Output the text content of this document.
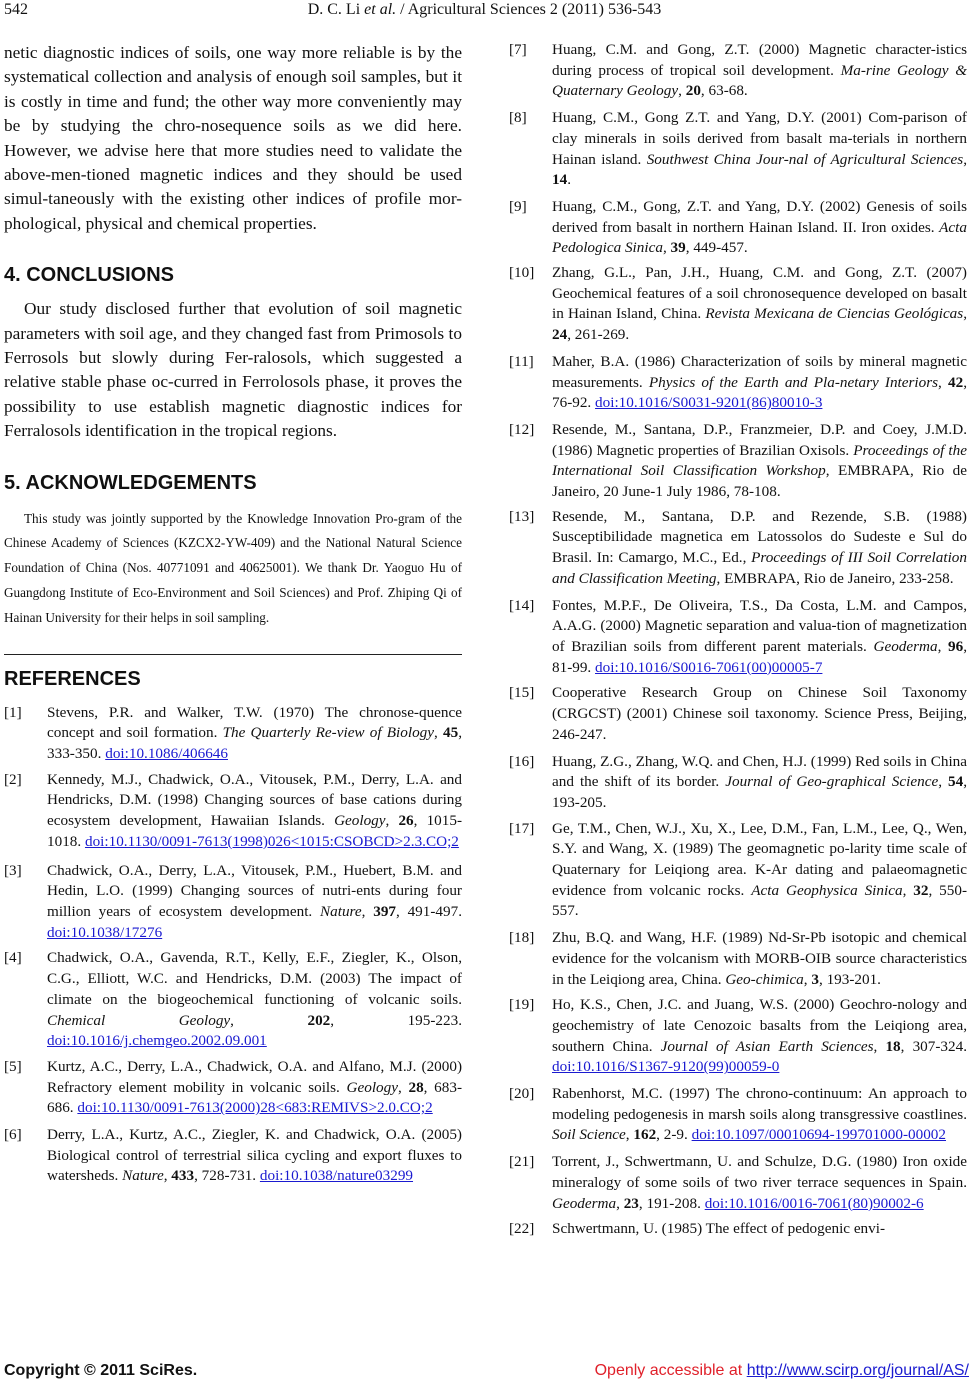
542	D. C. Li et al. / Agricultural Sciences 2 (2011) 536-543

netic diagnostic indices of soils, one way more reliable is by the systematical collection and analysis of enough soil samples, but it is costly in time and fund; the other way more conveniently may be by studying the chro-nosequence soils as we did here. However, we advise here that more studies need to validate the above-men-tioned magnetic indices and they should be used simul-taneously with the existing other indices of profile mor-phological, physical and chemical properties.

4. CONCLUSIONS

Our study disclosed further that evolution of soil magnetic parameters with soil age, and they changed fast from Primosols to Ferrosols but slowly during Fer-ralosols, which suggested a relative stable phase oc-curred in Ferrolosols phase, it proves the possibility to use establish magnetic diagnostic indices for Ferralosols identification in the tropical regions.

5. ACKNOWLEDGEMENTS

This study was jointly supported by the Knowledge Innovation Pro-gram of the Chinese Academy of Sciences (KZCX2-YW-409) and the National Natural Science Foundation of China (Nos. 40771091 and 40625001). We thank Dr. Yaoguo Hu of Guangdong Institute of Eco-Environment and Soil Sciences) and Prof. Zhiping Qi of Hainan University for their helps in soil sampling.

REFERENCES

[1] Stevens, P.R. and Walker, T.W. (1970) The chronose-quence concept and soil formation. The Quarterly Re-view of Biology, 45, 333-350. doi:10.1086/406646

[2] Kennedy, M.J., Chadwick, O.A., Vitousek, P.M., Derry, L.A. and Hendricks, D.M. (1998) Changing sources of base cations during ecosystem development, Hawaiian Islands. Geology, 26, 1015-1018. doi:10.1130/0091-7613(1998)026<1015:CSOBCD>2.3.CO;2

[3] Chadwick, O.A., Derry, L.A., Vitousek, P.M., Huebert, B.M. and Hedin, L.O. (1999) Changing sources of nutri-ents during four million years of ecosystem development. Nature, 397, 491-497. doi:10.1038/17276

[4] Chadwick, O.A., Gavenda, R.T., Kelly, E.F., Ziegler, K., Olson, C.G., Elliott, W.C. and Hendricks, D.M. (2003) The impact of climate on the biogeochemical functioning of volcanic soils. Chemical Geology, 202, 195-223. doi:10.1016/j.chemgeo.2002.09.001

[5] Kurtz, A.C., Derry, L.A., Chadwick, O.A. and Alfano, M.J. (2000) Refractory element mobility in volcanic soils. Geology, 28, 683-686. doi:10.1130/0091-7613(2000)28<683:REMIVS>2.0.CO;2

[6] Derry, L.A., Kurtz, A.C., Ziegler, K. and Chadwick, O.A. (2005) Biological control of terrestrial silica cycling and export fluxes to watersheds. Nature, 433, 728-731. doi:10.1038/nature03299

[7] Huang, C.M. and Gong, Z.T. (2000) Magnetic character-istics during process of tropical soil development. Ma-rine Geology & Quaternary Geology, 20, 63-68.

[8] Huang, C.M., Gong Z.T. and Yang, D.Y. (2001) Com-parison of clay minerals in soils derived from basalt ma-terials in northern Hainan island. Southwest China Jour-nal of Agricultural Sciences, 14.

[9] Huang, C.M., Gong, Z.T. and Yang, D.Y. (2002) Genesis of soils derived from basalt in northern Hainan Island. II. Iron oxides. Acta Pedologica Sinica, 39, 449-457.

[10] Zhang, G.L., Pan, J.H., Huang, C.M. and Gong, Z.T. (2007) Geochemical features of a soil chronosequence developed on basalt in Hainan Island, China. Revista Mexicana de Ciencias Geológicas, 24, 261-269.

[11] Maher, B.A. (1986) Characterization of soils by mineral magnetic measurements. Physics of the Earth and Pla-netary Interiors, 42, 76-92. doi:10.1016/S0031-9201(86)80010-3

[12] Resende, M., Santana, D.P., Franzmeier, D.P. and Coey, J.M.D. (1986) Magnetic properties of Brazilian Oxisols. Proceedings of the International Soil Classification Workshop, EMBRAPA, Rio de Janeiro, 20 June-1 July 1986, 78-108.

[13] Resende, M., Santana, D.P. and Rezende, S.B. (1988) Susceptibilidade magnetica em Latossolos do Sudeste e Sul do Brasil. In: Camargo, M.C., Ed., Proceedings of III Soil Correlation and Classification Meeting, EMBRAPA, Rio de Janeiro, 233-258.

[14] Fontes, M.P.F., De Oliveira, T.S., Da Costa, L.M. and Campos, A.A.G. (2000) Magnetic separation and valua-tion of magnetization of Brazilian soils from different parent materials. Geoderma, 96, 81-99. doi:10.1016/S0016-7061(00)00005-7

[15] Cooperative Research Group on Chinese Soil Taxonomy (CRGCST) (2001) Chinese soil taxonomy. Science Press, Beijing, 246-247.

[16] Huang, Z.G., Zhang, W.Q. and Chen, H.J. (1999) Red soils in China and the shift of its border. Journal of Geo-graphical Science, 54, 193-205.

[17] Ge, T.M., Chen, W.J., Xu, X., Lee, D.M., Fan, L.M., Lee, Q., Wen, S.Y. and Wang, X. (1989) The geomagnetic po-larity time scale of Quaternary for Leiqiong area. K-Ar dating and palaeomagnetic evidence from volcanic rocks. Acta Geophysica Sinica, 32, 550-557.

[18] Zhu, B.Q. and Wang, H.F. (1989) Nd-Sr-Pb isotopic and chemical evidence for the volcanism with MORB-OIB source characteristics in the Leiqiong area, China. Geo-chimica, 3, 193-201.

[19] Ho, K.S., Chen, J.C. and Juang, W.S. (2000) Geochro-nology and geochemistry of late Cenozoic basalts from the Leiqiong area, southern China. Journal of Asian Earth Sciences, 18, 307-324. doi:10.1016/S1367-9120(99)00059-0

[20] Rabenhorst, M.C. (1997) The chrono-continuum: An approach to modeling pedogenesis in marsh soils along transgressive coastlines. Soil Science, 162, 2-9. doi:10.1097/00010694-199701000-00002

[21] Torrent, J., Schwertmann, U. and Schulze, D.G. (1980) Iron oxide mineralogy of some soils of two river terrace sequences in Spain. Geoderma, 23, 191-208. doi:10.1016/0016-7061(80)90002-6

[22] Schwertmann, U. (1985) The effect of pedogenic envi-

Copyright © 2011 SciRes.	Openly accessible at http://www.scirp.org/journal/AS/
